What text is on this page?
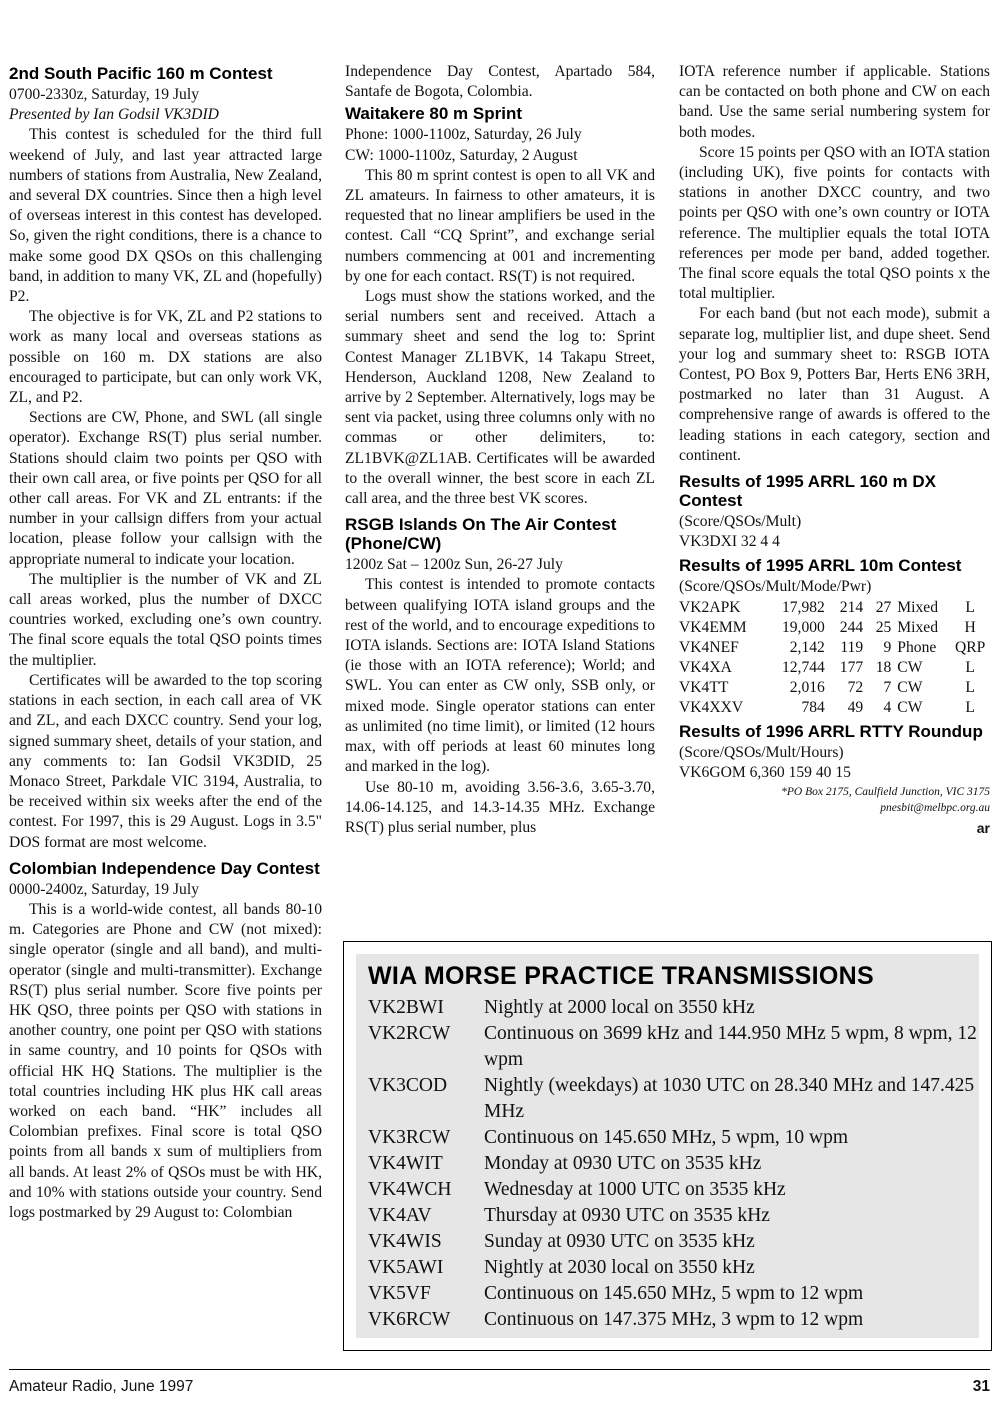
2nd South Pacific 160 m Contest

0700-2330z, Saturday, 19 July

Presented by Ian Godsil VK3DID

This contest is scheduled for the third full weekend of July, and last year attracted large numbers of stations from Australia, New Zealand, and several DX countries. Since then a high level of overseas interest in this contest has developed. So, given the right conditions, there is a chance to make some good DX QSOs on this challenging band, in addition to many VK, ZL and (hopefully) P2.

The objective is for VK, ZL and P2 stations to work as many local and overseas stations as possible on 160 m. DX stations are also encouraged to participate, but can only work VK, ZL, and P2.

Sections are CW, Phone, and SWL (all single operator). Exchange RS(T) plus serial number. Stations should claim two points per QSO with their own call area, or five points per QSO for all other call areas. For VK and ZL entrants: if the number in your callsign differs from your actual location, please follow your callsign with the appropriate numeral to indicate your location.

The multiplier is the number of VK and ZL call areas worked, plus the number of DXCC countries worked, excluding one’s own country. The final score equals the total QSO points times the multiplier.

Certificates will be awarded to the top scoring stations in each section, in each call area of VK and ZL, and each DXCC country. Send your log, signed summary sheet, details of your station, and any comments to: Ian Godsil VK3DID, 25 Monaco Street, Parkdale VIC 3194, Australia, to be received within six weeks after the end of the contest. For 1997, this is 29 August. Logs in 3.5" DOS format are most welcome.

Colombian Independence Day Contest

0000-2400z, Saturday, 19 July

This is a world-wide contest, all bands 80-10 m. Categories are Phone and CW (not mixed): single operator (single and all band), and multi-operator (single and multi-transmitter). Exchange RS(T) plus serial number. Score five points per HK QSO, three points per QSO with stations in another country, one point per QSO with stations in same country, and 10 points for QSOs with official HK HQ Stations. The multiplier is the total countries including HK plus HK call areas worked on each band. “HK” includes all Colombian prefixes. Final score is total QSO points from all bands x sum of multipliers from all bands. At least 2% of QSOs must be with HK, and 10% with stations outside your country. Send logs postmarked by 29 August to: Colombian

Independence Day Contest, Apartado 584, Santafe de Bogota, Colombia.

Waitakere 80 m Sprint

Phone: 1000-1100z, Saturday, 26 July

CW: 1000-1100z, Saturday, 2 August

This 80 m sprint contest is open to all VK and ZL amateurs. In fairness to other amateurs, it is requested that no linear amplifiers be used in the contest. Call “CQ Sprint”, and exchange serial numbers commencing at 001 and incrementing by one for each contact. RS(T) is not required.

Logs must show the stations worked, and the serial numbers sent and received. Attach a summary sheet and send the log to: Sprint Contest Manager ZL1BVK, 14 Takapu Street, Henderson, Auckland 1208, New Zealand to arrive by 2 September. Alternatively, logs may be sent via packet, using three columns only with no commas or other delimiters, to: ZL1BVK@ZL1AB. Certificates will be awarded to the overall winner, the best score in each ZL call area, and the three best VK scores.

RSGB Islands On The Air Contest (Phone/CW)

1200z Sat – 1200z Sun, 26-27 July

This contest is intended to promote contacts between qualifying IOTA island groups and the rest of the world, and to encourage expeditions to IOTA islands. Sections are: IOTA Island Stations (ie those with an IOTA reference); World; and SWL. You can enter as CW only, SSB only, or mixed mode. Single operator stations can enter as unlimited (no time limit), or limited (12 hours max, with off periods at least 60 minutes long and marked in the log).

Use 80-10 m, avoiding 3.56-3.6, 3.65-3.70, 14.06-14.125, and 14.3-14.35 MHz. Exchange RS(T) plus serial number, plus

IOTA reference number if applicable. Stations can be contacted on both phone and CW on each band. Use the same serial numbering system for both modes.

Score 15 points per QSO with an IOTA station (including UK), five points for contacts with stations in another DXCC country, and two points per QSO with one’s own country or IOTA reference. The multiplier equals the total IOTA references per mode per band, added together. The final score equals the total QSO points x the total multiplier.

For each band (but not each mode), submit a separate log, multiplier list, and dupe sheet. Send your log and summary sheet to: RSGB IOTA Contest, PO Box 9, Potters Bar, Herts EN6 3RH, postmarked no later than 31 August. A comprehensive range of awards is offered to the leading stations in each category, section and continent.

Results of 1995 ARRL 160 m DX Contest

(Score/QSOs/Mult)

VK3DXI 32 4 4

Results of 1995 ARRL 10m Contest

(Score/QSOs/Mult/Mode/Pwr)

VK2APK	17,982	214	27	Mixed	L
VK4EMM	19,000	244	25	Mixed	H
VK4NEF	2,142	119	9	Phone	QRP
VK4XA	12,744	177	18	CW	L
VK4TT	2,016	72	7	CW	L
VK4XXV	784	49	4	CW	L
Results of 1996 ARRL RTTY Roundup

(Score/QSOs/Mult/Hours)

VK6GOM 6,360 159 40 15

*PO Box 2175, Caulfield Junction, VIC 3175
pnesbit@melbpc.org.au
ar
WIA MORSE PRACTICE TRANSMISSIONS
VK2BWI	Nightly at 2000 local on 3550 kHz
VK2RCW	Continuous on 3699 kHz and 144.950 MHz 5 wpm, 8 wpm, 12 wpm
VK3COD	Nightly (weekdays) at 1030 UTC on 28.340 MHz and 147.425 MHz
VK3RCW	Continuous on 145.650 MHz, 5 wpm, 10 wpm
VK4WIT	Monday at 0930 UTC on 3535 kHz
VK4WCH	Wednesday at 1000 UTC on 3535 kHz
VK4AV	Thursday at 0930 UTC on 3535 kHz
VK4WIS	Sunday at 0930 UTC on 3535 kHz
VK5AWI	Nightly at 2030 local on 3550 kHz
VK5VF	Continuous on 145.650 MHz, 5 wpm to 12 wpm
VK6RCW	Continuous on 147.375 MHz, 3 wpm to 12 wpm
Amateur Radio, June 1997	31
